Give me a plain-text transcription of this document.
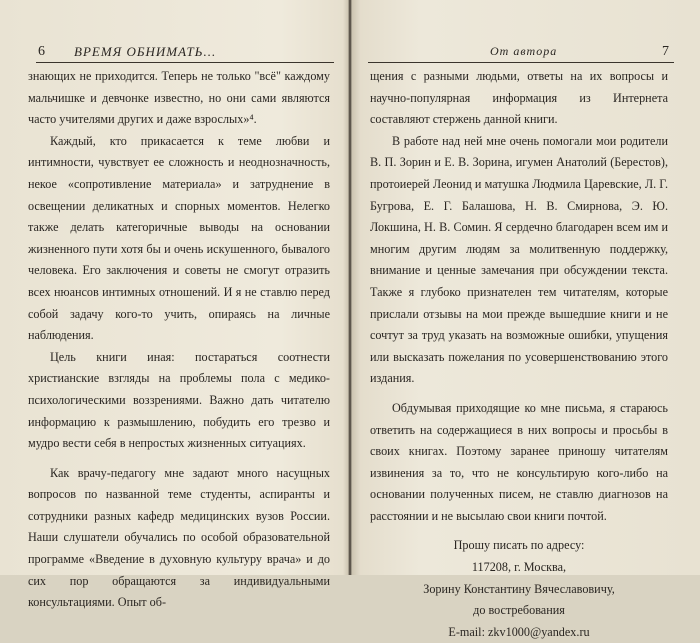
6 ВРЕМЯ ОБНИМАТЬ...

знающих не приходится. Теперь не только "всё" каждому мальчишке и девчонке известно, но они сами являются часто учителями других и даже взрослых»⁴.

Каждый, кто прикасается к теме любви и интимности, чувствует ее сложность и неоднозначность, некое «сопротивление материала» и затруднение в освещении деликатных и спорных моментов. Нелегко также делать категоричные выводы на основании жизненного пути хотя бы и очень искушенного, бывалого человека. Его заключения и советы не смогут отразить всех нюансов интимных отношений. И я не ставлю перед собой задачу кого-то учить, опираясь на личные наблюдения.

Цель книги иная: постараться соотнести христианские взгляды на проблемы пола с медико-психологическими воззрениями. Важно дать читателю информацию к размышлению, побудить его трезво и мудро вести себя в непростых жизненных ситуациях.

Как врачу-педагогу мне задают много насущных вопросов по названной теме студенты, аспиранты и сотрудники разных кафедр медицинских вузов России. Наши слушатели обучались по особой образовательной программе «Введение в духовную культуру врача» и до сих пор обращаются за индивидуальными консультациями. Опыт об-

От автора	7

щения с разными людьми, ответы на их вопросы и научно-популярная информация из Интернета составляют стержень данной книги.

В работе над ней мне очень помогали мои родители В. П. Зорин и Е. В. Зорина, игумен Анатолий (Берестов), протоиерей Леонид и матушка Людмила Царевские, Л. Г. Бугрова, Е. Г. Балашова, Н. В. Смирнова, Э. Ю. Локшина, Н. В. Сомин. Я сердечно благодарен всем им и многим другим людям за молитвенную поддержку, внимание и ценные замечания при обсуждении текста. Также я глубоко признателен тем читателям, которые прислали отзывы на мои прежде вышедшие книги и не сочтут за труд указать на возможные ошибки, упущения или высказать пожелания по усовершенствованию этого издания.

Обдумывая приходящие ко мне письма, я стараюсь ответить на содержащиеся в них вопросы и просьбы в своих книгах. Поэтому заранее приношу читателям извинения за то, что не консультирую кого-либо на основании полученных писем, не ставлю диагнозов на расстоянии и не высылаю свои книги почтой.

Прошу писать по адресу:
117208, г. Москва,
Зорину Константину Вячеславовичу,
до востребования
E-mail: zkv1000@yandex.ru
